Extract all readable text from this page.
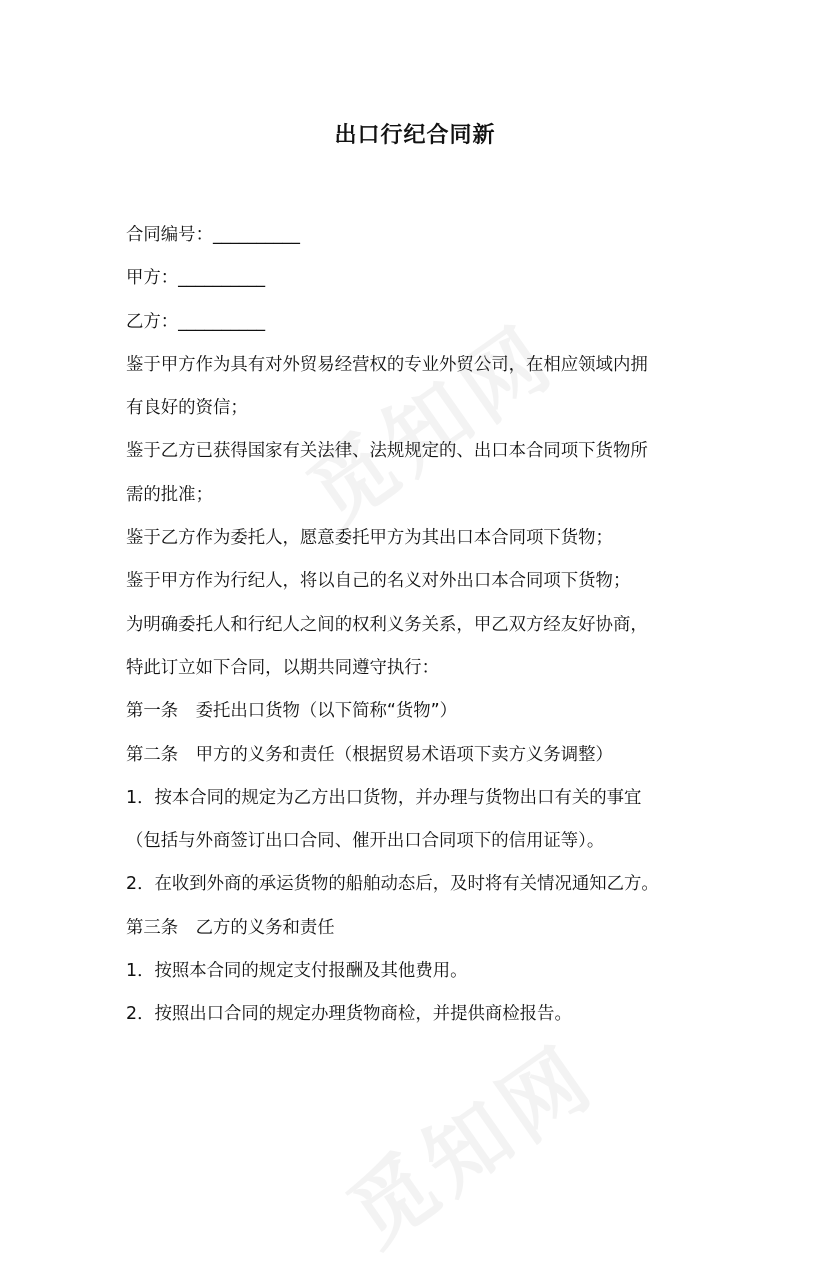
出口行纪合同新
合同编号：__________
甲方：__________
乙方：__________
鉴于甲方作为具有对外贸易经营权的专业外贸公司，在相应领域内拥
有良好的资信；
鉴于乙方已获得国家有关法律、法规规定的、出口本合同项下货物所
需的批准；
鉴于乙方作为委托人，愿意委托甲方为其出口本合同项下货物；
鉴于甲方作为行纪人，将以自己的名义对外出口本合同项下货物；
为明确委托人和行纪人之间的权利义务关系，甲乙双方经友好协商，
特此订立如下合同，以期共同遵守执行：
第一条　委托出口货物（以下简称“货物”）
第二条　甲方的义务和责任（根据贸易术语项下卖方义务调整）
1．按本合同的规定为乙方出口货物，并办理与货物出口有关的事宜
（包括与外商签订出口合同、催开出口合同项下的信用证等）。
2．在收到外商的承运货物的船舶动态后，及时将有关情况通知乙方。
第三条　乙方的义务和责任
1．按照本合同的规定支付报酬及其他费用。
2．按照出口合同的规定办理货物商检，并提供商检报告。
